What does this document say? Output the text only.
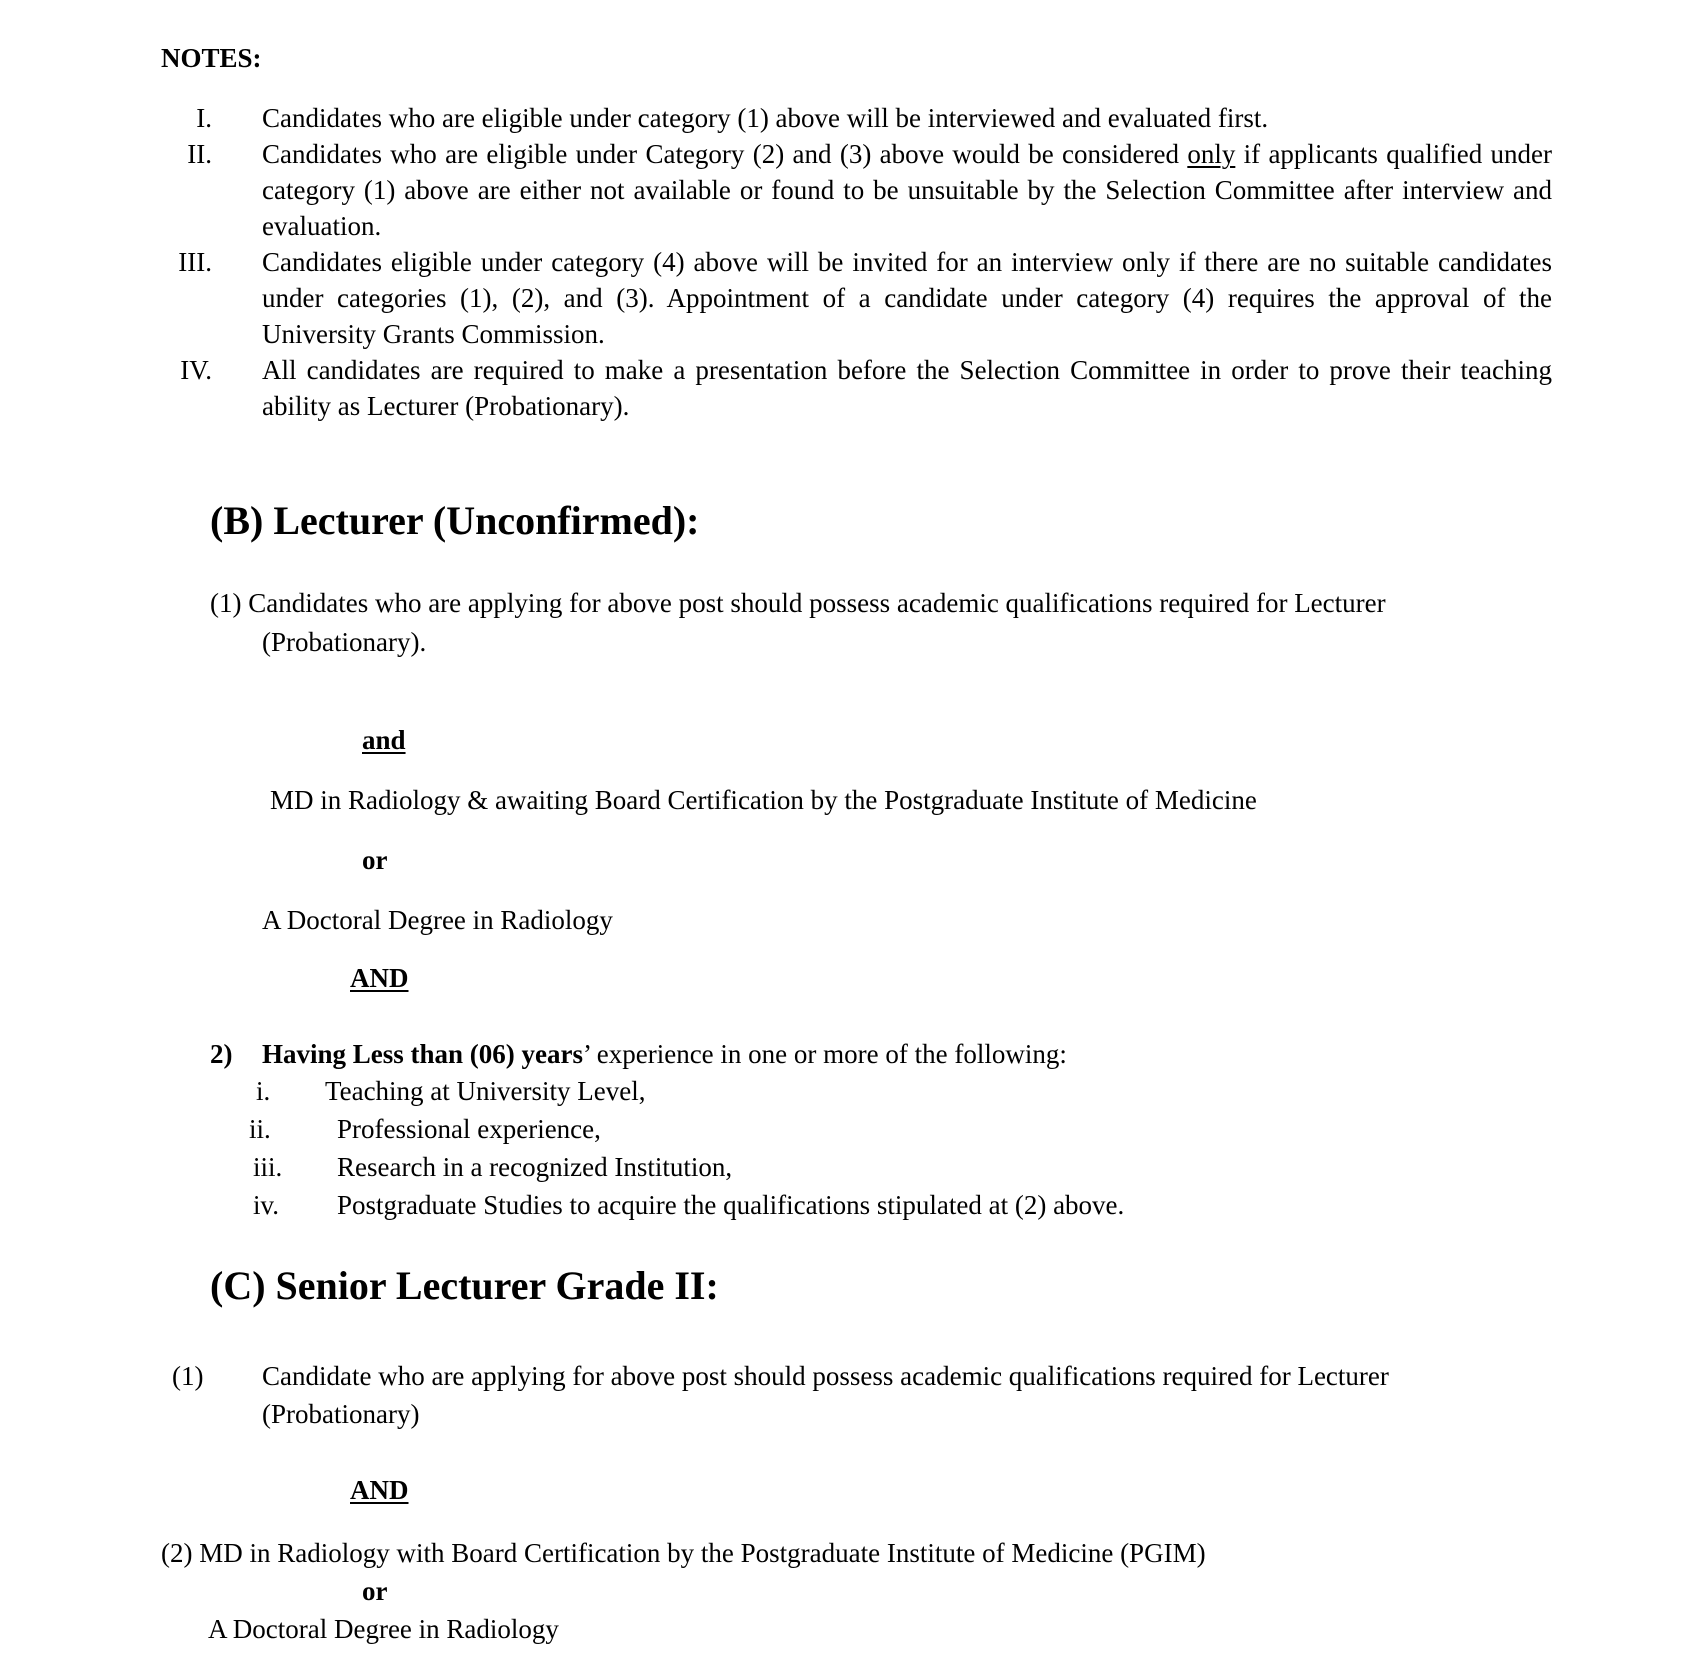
NOTES:
I. Candidates who are eligible under category (1) above will be interviewed and evaluated first.
II. Candidates who are eligible under Category (2) and (3) above would be considered only if applicants qualified under category (1) above are either not available or found to be unsuitable by the Selection Committee after interview and evaluation.
III. Candidates eligible under category (4) above will be invited for an interview only if there are no suitable candidates under categories (1), (2), and (3). Appointment of a candidate under category (4) requires the approval of the University Grants Commission.
IV. All candidates are required to make a presentation before the Selection Committee in order to prove their teaching ability as Lecturer (Probationary).
(B) Lecturer (Unconfirmed):
(1) Candidates who are applying for above post should possess academic qualifications required for Lecturer
(Probationary).
and
MD in Radiology & awaiting Board Certification by the Postgraduate Institute of Medicine
or
A Doctoral Degree in Radiology
AND
2) Having Less than (06) years’ experience in one or more of the following:
i. Teaching at University Level,
ii. Professional experience,
iii. Research in a recognized Institution,
iv. Postgraduate Studies to acquire the qualifications stipulated at (2) above.
(C) Senior Lecturer Grade II:
(1) Candidate who are applying for above post should possess academic qualifications required for Lecturer
(Probationary)
AND
(2) MD in Radiology with Board Certification by the Postgraduate Institute of Medicine (PGIM)
or
A Doctoral Degree in Radiology
